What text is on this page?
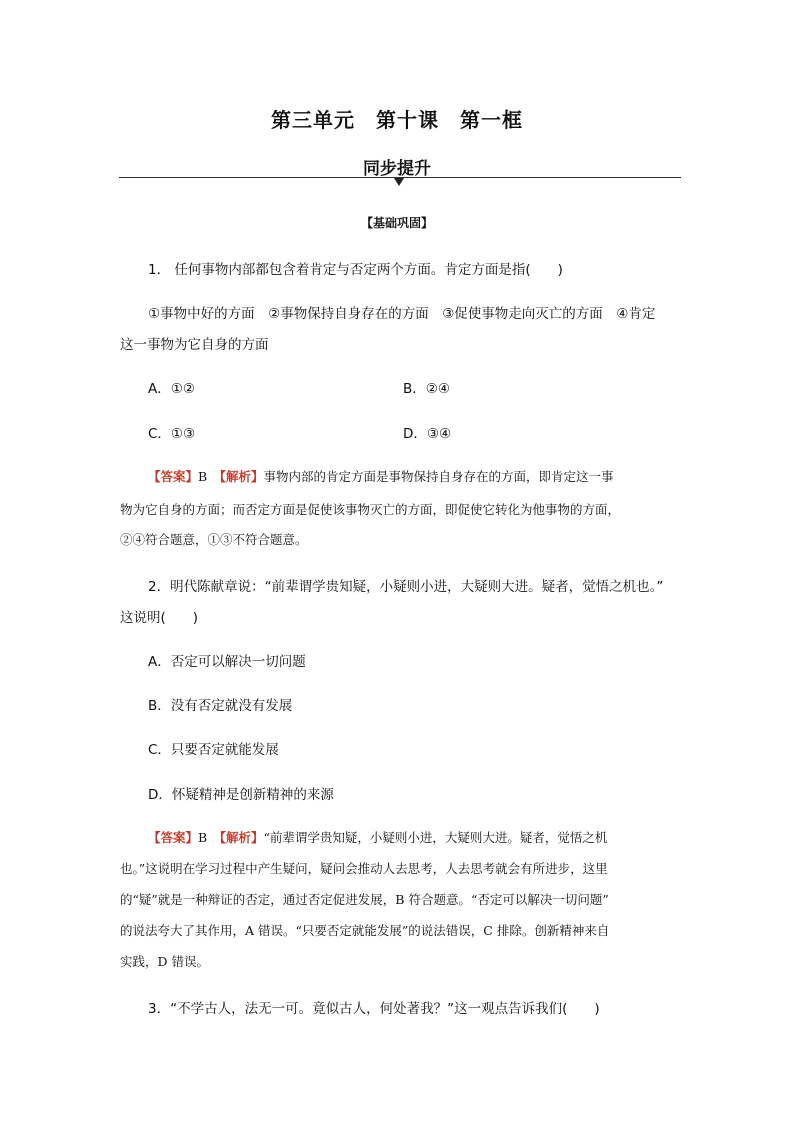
第三单元　第十课　第一框
同步提升
【基础巩固】
1． 任何事物内部都包含着肯定与否定两个方面。肯定方面是指(　　)
①事物中好的方面　②事物保持自身存在的方面　③促使事物走向灭亡的方面　④肯定
这一事物为它自身的方面
A．①②	B．②④
C．①③	D．③④
【答案】B　 【解析】事物内部的肯定方面是事物保持自身存在的方面，即肯定这一事
物为它自身的方面；而否定方面是促使该事物灭亡的方面，即促使它转化为他事物的方面，
②④符合题意，①③不符合题意。
2．明代陈献章说：“前辈谓学贵知疑，小疑则小进，大疑则大进。疑者，觉悟之机也。”
这说明(　　)
A．否定可以解决一切问题
B．没有否定就没有发展
C．只要否定就能发展
D．怀疑精神是创新精神的来源
【答案】B　 【解析】“前辈谓学贵知疑，小疑则小进，大疑则大进。疑者，觉悟之机
也。”这说明在学习过程中产生疑问，疑问会推动人去思考，人去思考就会有所进步，这里
的“疑”就是一种辩证的否定，通过否定促进发展，B 符合题意。“否定可以解决一切问题”
的说法夸大了其作用，A 错误。“只要否定就能发展”的说法错误，C 排除。创新精神来自
实践，D 错误。
3．“不学古人，法无一可。竟似古人，何处著我？”这一观点告诉我们(　　)
